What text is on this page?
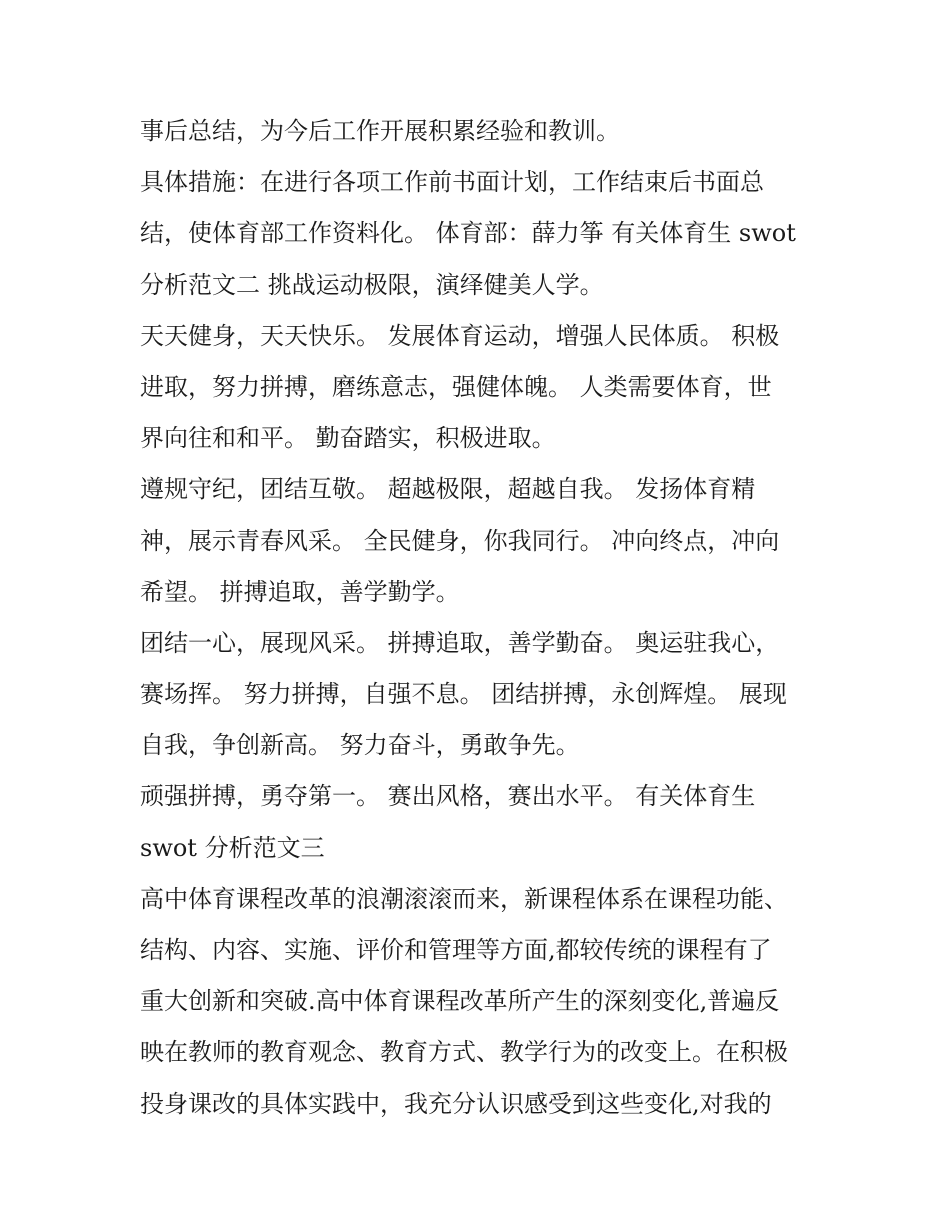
事后总结，为今后工作开展积累经验和教训。
具体措施：在进行各项工作前书面计划，工作结束后书面总
结，使体育部工作资料化。 体育部：薛力筝 有关体育生 swot
分析范文二 挑战运动极限，演绎健美人学。
天天健身，天天快乐。 发展体育运动，增强人民体质。 积极
进取，努力拼搏，磨练意志，强健体魄。 人类需要体育，世
界向往和和平。 勤奋踏实，积极进取。
遵规守纪，团结互敬。 超越极限，超越自我。 发扬体育精
神，展示青春风采。 全民健身，你我同行。 冲向终点，冲向
希望。 拼搏追取，善学勤学。
团结一心，展现风采。 拼搏追取，善学勤奋。 奥运驻我心，
赛场挥。 努力拼搏，自强不息。 团结拼搏，永创辉煌。 展现
自我，争创新高。 努力奋斗，勇敢争先。
顽强拼搏，勇夺第一。 赛出风格，赛出水平。 有关体育生
swot 分析范文三
高中体育课程改革的浪潮滚滚而来，新课程体系在课程功能、
结构、内容、实施、评价和管理等方面,都较传统的课程有了
重大创新和突破.高中体育课程改革所产生的深刻变化,普遍反
映在教师的教育观念、教育方式、教学行为的改变上。在积极
投身课改的具体实践中，我充分认识感受到这些变化,对我的
